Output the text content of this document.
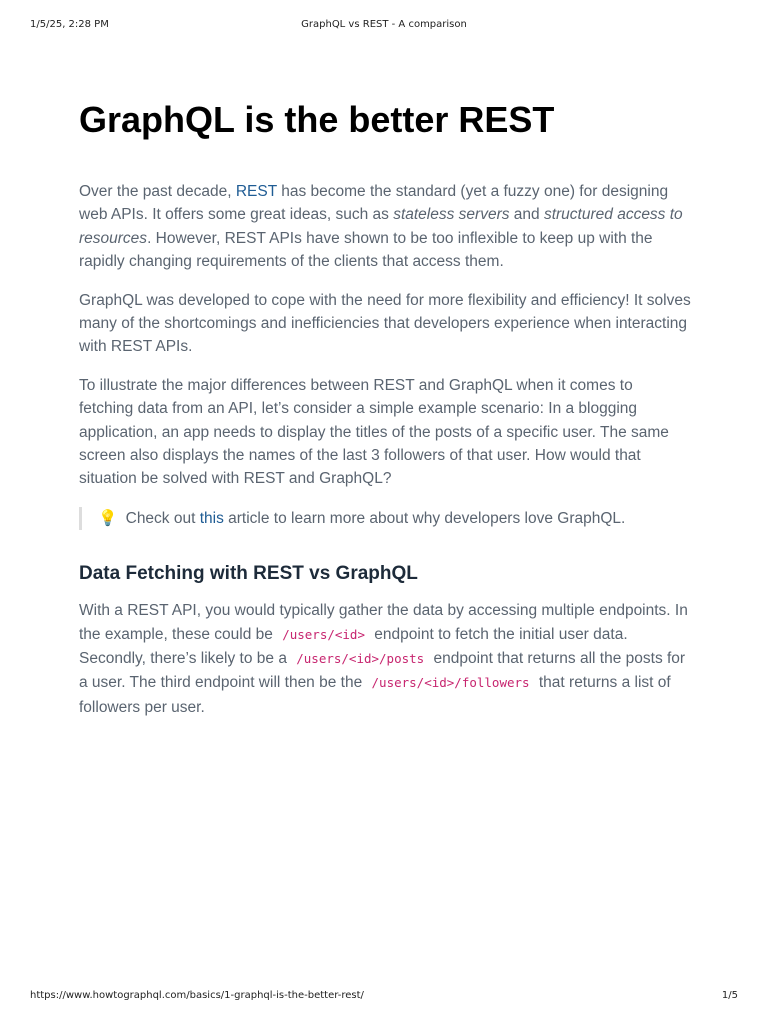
1/5/25, 2:28 PM	GraphQL vs REST - A comparison
GraphQL is the better REST

Over the past decade, REST has become the standard (yet a fuzzy one) for designing web APIs. It offers some great ideas, such as stateless servers and structured access to resources. However, REST APIs have shown to be too inflexible to keep up with the rapidly changing requirements of the clients that access them.

GraphQL was developed to cope with the need for more flexibility and efficiency! It solves many of the shortcomings and inefficiencies that developers experience when interacting with REST APIs.

To illustrate the major differences between REST and GraphQL when it comes to fetching data from an API, let’s consider a simple example scenario: In a blogging application, an app needs to display the titles of the posts of a specific user. The same screen also displays the names of the last 3 followers of that user. How would that situation be solved with REST and GraphQL?

💡 Check out this article to learn more about why developers love GraphQL.
Data Fetching with REST vs GraphQL

With a REST API, you would typically gather the data by accessing multiple endpoints. In the example, these could be /users/<id> endpoint to fetch the initial user data. Secondly, there’s likely to be a /users/<id>/posts endpoint that returns all the posts for a user. The third endpoint will then be the /users/<id>/followers that returns a list of followers per user.

https://www.howtographql.com/basics/1-graphql-is-the-better-rest/	1/5
